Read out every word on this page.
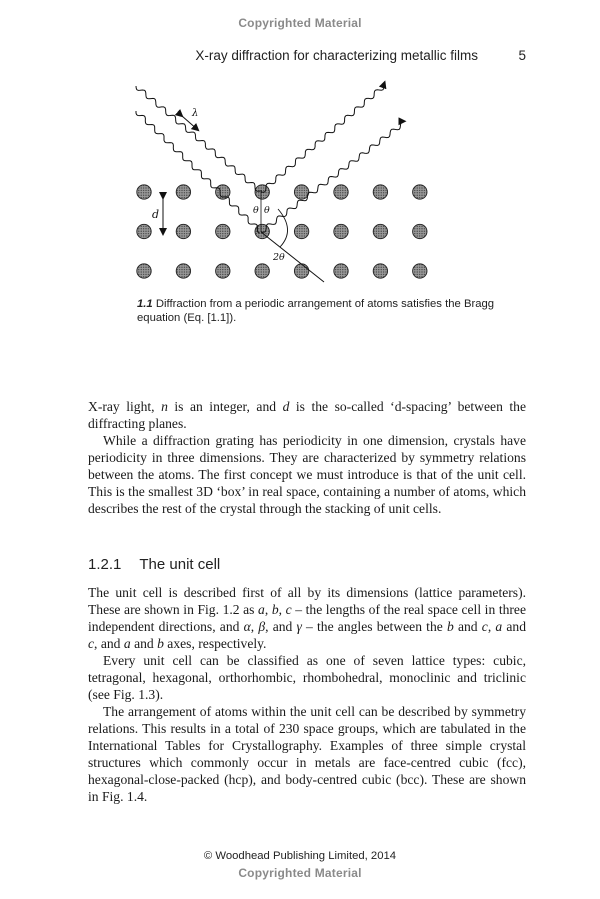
Copyrighted Material
X-ray diffraction for characterizing metallic films	5
λ
d	θ θ
2θ
1.1 Diffraction from a periodic arrangement of atoms satisfies the Bragg equation (Eq. [1.1]).

X-ray light, n is an integer, and d is the so-called ‘d-spacing’ between the diffracting planes.

While a diffraction grating has periodicity in one dimension, crystals have periodicity in three dimensions. They are characterized by symmetry relations between the atoms. The first concept we must introduce is that of the unit cell. This is the smallest 3D ‘box’ in real space, containing a number of atoms, which describes the rest of the crystal through the stacking of unit cells.

1.2.1 The unit cell

The unit cell is described first of all by its dimensions (lattice parameters). These are shown in Fig. 1.2 as a, b, c – the lengths of the real space cell in three independent directions, and α, β, and γ – the angles between the b and c, a and c, and a and b axes, respectively.

Every unit cell can be classified as one of seven lattice types: cubic, tetragonal, hexagonal, orthorhombic, rhombohedral, monoclinic and triclinic (see Fig. 1.3).

The arrangement of atoms within the unit cell can be described by symmetry relations. This results in a total of 230 space groups, which are tabulated in the International Tables for Crystallography. Examples of three simple crystal structures which commonly occur in metals are face-centred cubic (fcc), hexagonal-close-packed (hcp), and body-centred cubic (bcc). These are shown in Fig. 1.4.

© Woodhead Publishing Limited, 2014
Copyrighted Material
